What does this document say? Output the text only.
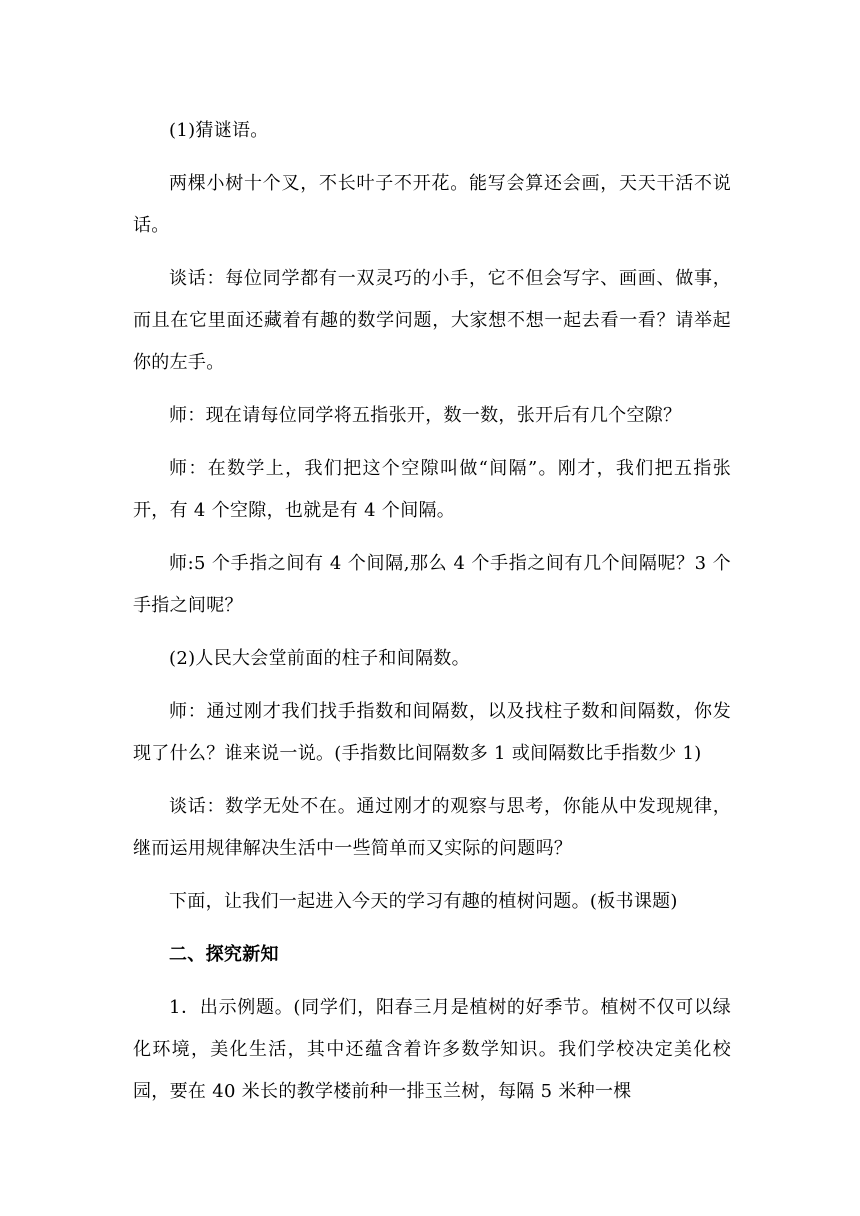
(1)猜谜语。

两棵小树十个叉，不长叶子不开花。能写会算还会画，天天干活不说话。

谈话：每位同学都有一双灵巧的小手，它不但会写字、画画、做事，而且在它里面还藏着有趣的数学问题，大家想不想一起去看一看？请举起你的左手。

师：现在请每位同学将五指张开，数一数，张开后有几个空隙？

师：在数学上，我们把这个空隙叫做“间隔”。刚才，我们把五指张开，有 4 个空隙，也就是有 4 个间隔。

师:5 个手指之间有 4 个间隔,那么 4 个手指之间有几个间隔呢？3 个手指之间呢？

(2)人民大会堂前面的柱子和间隔数。

师：通过刚才我们找手指数和间隔数，以及找柱子数和间隔数，你发现了什么？谁来说一说。(手指数比间隔数多 1 或间隔数比手指数少 1)

谈话：数学无处不在。通过刚才的观察与思考，你能从中发现规律，继而运用规律解决生活中一些简单而又实际的问题吗？

下面，让我们一起进入今天的学习有趣的植树问题。(板书课题)

二、探究新知

1．出示例题。(同学们，阳春三月是植树的好季节。植树不仅可以绿化环境，美化生活，其中还蕴含着许多数学知识。我们学校决定美化校园，要在 40 米长的教学楼前种一排玉兰树，每隔 5 米种一棵
